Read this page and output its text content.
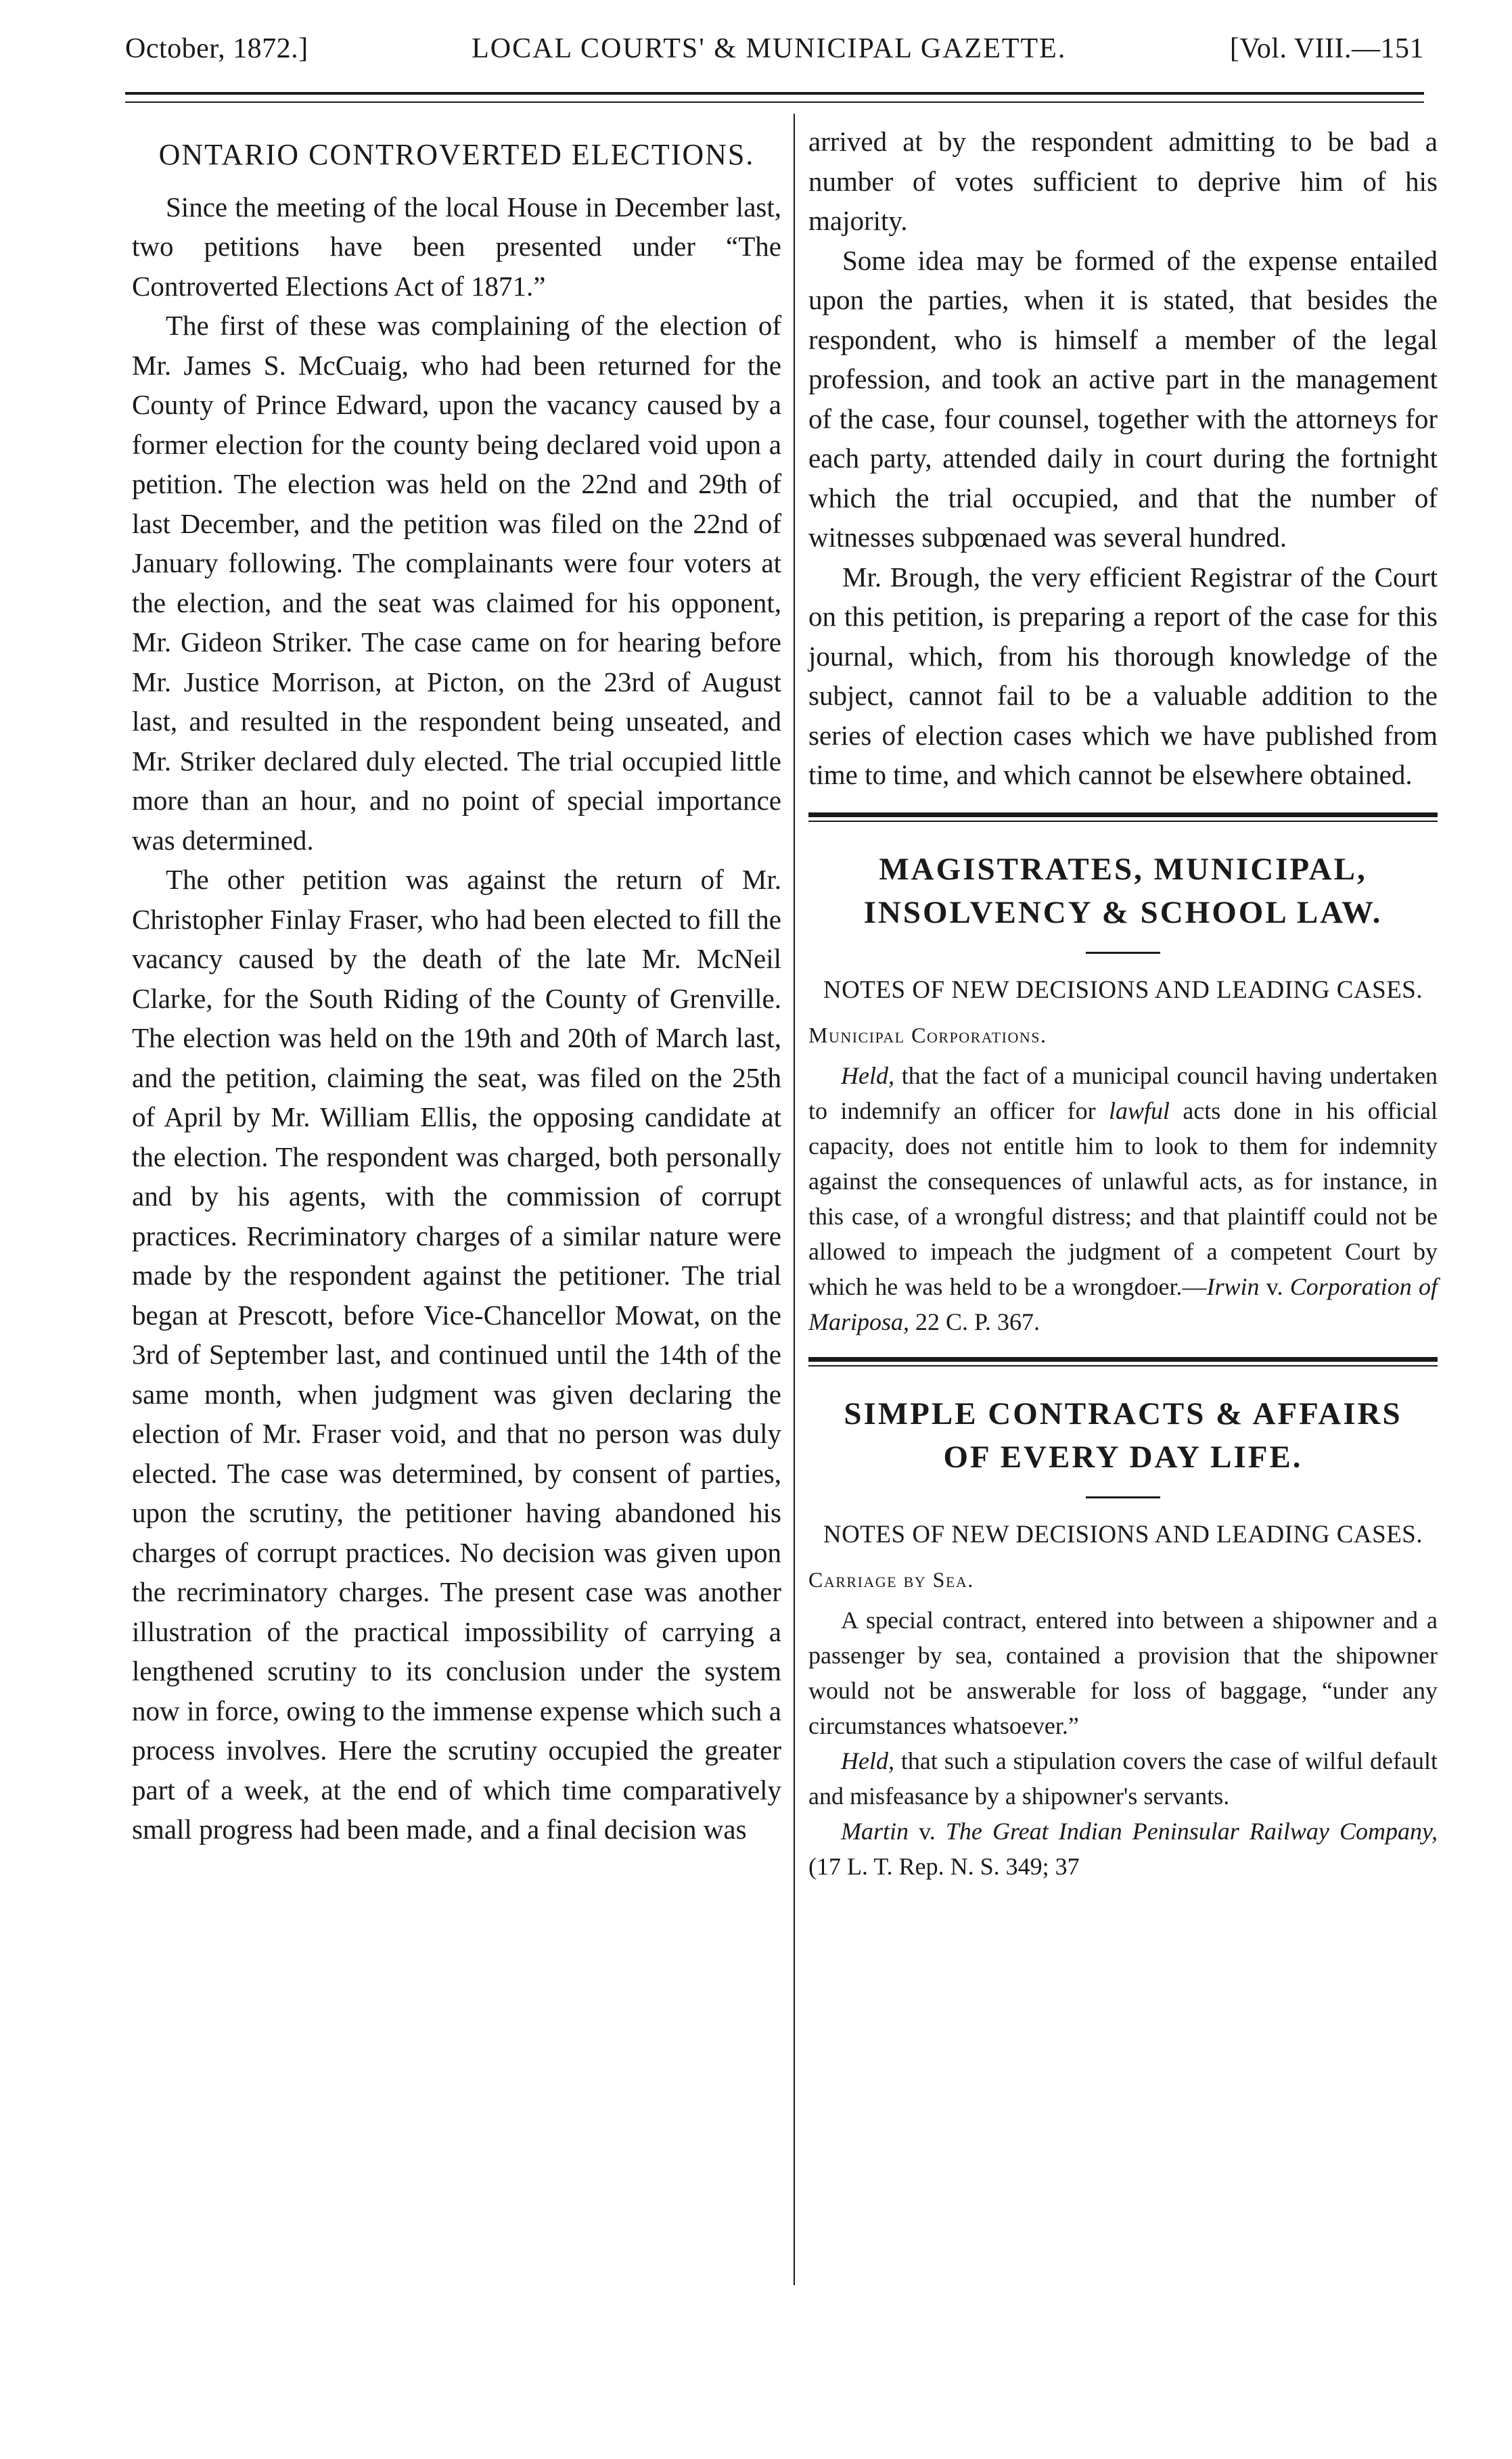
October, 1872.]	LOCAL COURTS' & MUNICIPAL GAZETTE.	[Vol. VIII.—151
ONTARIO CONTROVERTED ELECTIONS.

Since the meeting of the local House in December last, two petitions have been presented under “The Controverted Elections Act of 1871.”

The first of these was complaining of the election of Mr. James S. McCuaig, who had been returned for the County of Prince Edward, upon the vacancy caused by a former election for the county being declared void upon a petition. The election was held on the 22nd and 29th of last December, and the petition was filed on the 22nd of January following. The complainants were four voters at the election, and the seat was claimed for his opponent, Mr. Gideon Striker. The case came on for hearing before Mr. Justice Morrison, at Picton, on the 23rd of August last, and resulted in the respondent being unseated, and Mr. Striker declared duly elected. The trial occupied little more than an hour, and no point of special importance was determined.

The other petition was against the return of Mr. Christopher Finlay Fraser, who had been elected to fill the vacancy caused by the death of the late Mr. McNeil Clarke, for the South Riding of the County of Grenville. The election was held on the 19th and 20th of March last, and the petition, claiming the seat, was filed on the 25th of April by Mr. William Ellis, the opposing candidate at the election. The respondent was charged, both personally and by his agents, with the commission of corrupt practices. Recriminatory charges of a similar nature were made by the respondent against the petitioner. The trial began at Prescott, before Vice-Chancellor Mowat, on the 3rd of September last, and continued until the 14th of the same month, when judgment was given declaring the election of Mr. Fraser void, and that no person was duly elected. The case was determined, by consent of parties, upon the scrutiny, the petitioner having abandoned his charges of corrupt practices. No decision was given upon the recriminatory charges. The present case was another illustration of the practical impossibility of carrying a lengthened scrutiny to its conclusion under the system now in force, owing to the immense expense which such a process involves. Here the scrutiny occupied the greater part of a week, at the end of which time comparatively small progress had been made, and a final decision was

arrived at by the respondent admitting to be bad a number of votes sufficient to deprive him of his majority.

Some idea may be formed of the expense entailed upon the parties, when it is stated, that besides the respondent, who is himself a member of the legal profession, and took an active part in the management of the case, four counsel, together with the attorneys for each party, attended daily in court during the fortnight which the trial occupied, and that the number of witnesses subpœnaed was several hundred.

Mr. Brough, the very efficient Registrar of the Court on this petition, is preparing a report of the case for this journal, which, from his thorough knowledge of the subject, cannot fail to be a valuable addition to the series of election cases which we have published from time to time, and which cannot be elsewhere obtained.

MAGISTRATES, MUNICIPAL,
INSOLVENCY & SCHOOL LAW.
NOTES OF NEW DECISIONS AND LEADING CASES.
Municipal Corporations.

Held, that the fact of a municipal council having undertaken to indemnify an officer for lawful acts done in his official capacity, does not entitle him to look to them for indemnity against the consequences of unlawful acts, as for instance, in this case, of a wrongful distress; and that plaintiff could not be allowed to impeach the judgment of a competent Court by which he was held to be a wrongdoer.—Irwin v. Corporation of Mariposa, 22 C. P. 367.

SIMPLE CONTRACTS & AFFAIRS
OF EVERY DAY LIFE.
NOTES OF NEW DECISIONS AND LEADING CASES.
Carriage by Sea.

A special contract, entered into between a shipowner and a passenger by sea, contained a provision that the shipowner would not be answerable for loss of baggage, “under any circumstances whatsoever.”

Held, that such a stipulation covers the case of wilful default and misfeasance by a shipowner's servants.

Martin v. The Great Indian Peninsular Railway Company, (17 L. T. Rep. N. S. 349; 37
